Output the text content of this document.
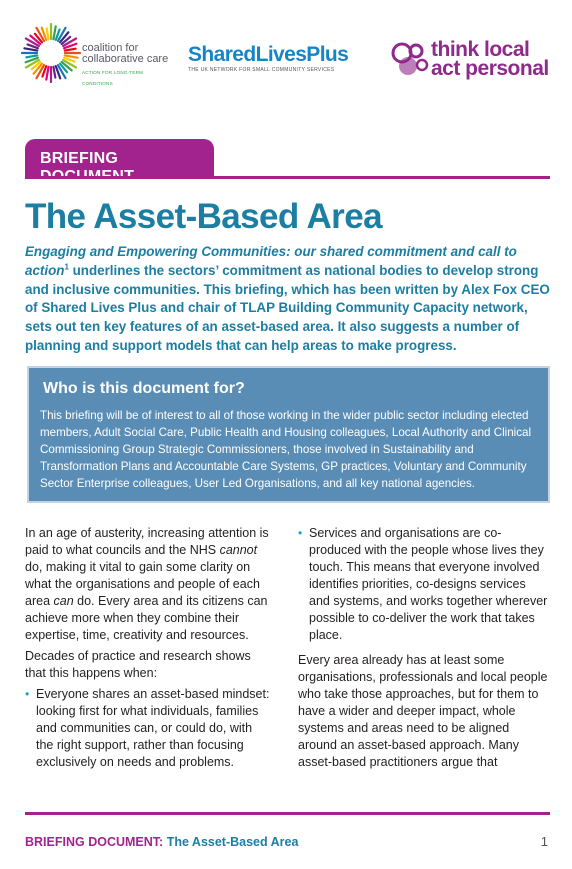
coalition for
collaborative care
ACTION FOR LONG-TERM CONDITIONS
SharedLivesPlus
THE UK NETWORK FOR SMALL COMMUNITY SERVICES
think local
act personal
BRIEFING
The Asset-Based Area

Engaging and Empowering Communities: our shared commitment and call to action$^1$ underlines the sectors’ commitment as national bodies to develop strong and inclusive communities. This briefing, which has been written by Alex Fox CEO of Shared Lives Plus and chair of TLAP Building Community Capacity network, sets out ten key features of an asset-based area. It also suggests a number of planning and support models that can help areas to make progress.

Who is this document for?

This briefing will be of interest to all of those working in the wider public sector including elected members, Adult Social Care, Public Health and Housing colleagues, Local Authority and Clinical Commissioning Group Strategic Commissioners, those involved in Sustainability and Transformation Plans and Accountable Care Systems, GP practices, Voluntary and Community Sector Enterprise colleagues, User Led Organisations, and all key national agencies.

In an age of austerity, increasing attention is paid to what councils and the NHS cannot do, making it vital to gain some clarity on what the organisations and people of each area can do. Every area and its citizens can achieve more when they combine their expertise, time, creativity and resources.

Decades of practice and research shows that this happens when:

• Everyone shares an asset-based mindset: looking first for what individuals, families and communities can, or could do, with the right support, rather than focusing exclusively on needs and problems.
• Services and organisations are co-produced with the people whose lives they touch. This means that everyone involved identifies priorities, co-designs services and systems, and works together wherever possible to co-deliver the work that takes place.

Every area already has at least some organisations, professionals and local people who take those approaches, but for them to have a wider and deeper impact, whole systems and areas need to be aligned around an asset-based approach. Many asset-based practitioners argue that

BRIEFING DOCUMENT: The Asset-Based Area	1
